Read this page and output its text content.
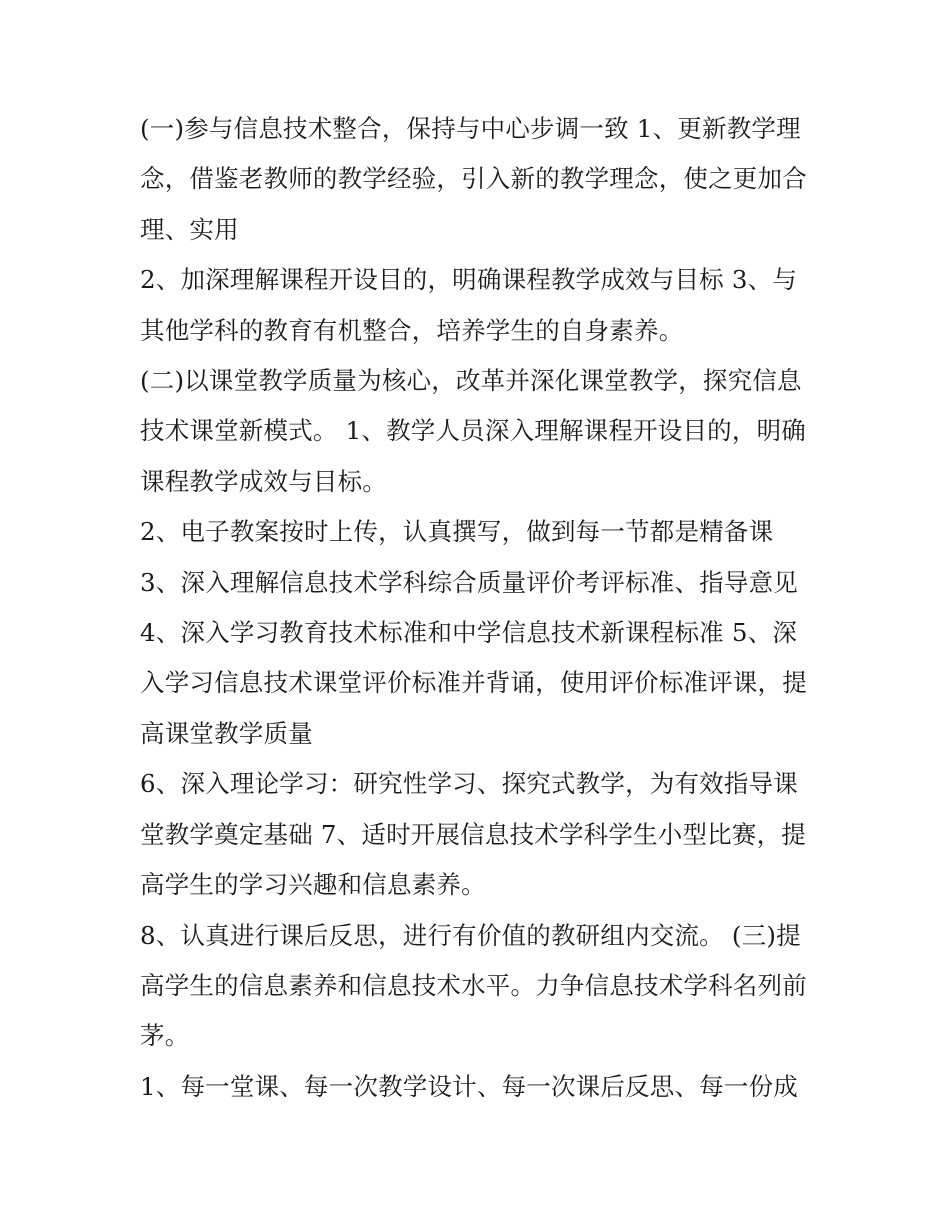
(一)参与信息技术整合，保持与中心步调一致 1、更新教学理

念，借鉴老教师的教学经验，引入新的教学理念，使之更加合

理、实用

2、加深理解课程开设目的，明确课程教学成效与目标 3、与

其他学科的教育有机整合，培养学生的自身素养。

(二)以课堂教学质量为核心，改革并深化课堂教学，探究信息

技术课堂新模式。 1、教学人员深入理解课程开设目的，明确

课程教学成效与目标。

2、电子教案按时上传，认真撰写，做到每一节都是精备课

3、深入理解信息技术学科综合质量评价考评标准、指导意见

4、深入学习教育技术标准和中学信息技术新课程标准 5、深

入学习信息技术课堂评价标准并背诵，使用评价标准评课，提

高课堂教学质量

6、深入理论学习：研究性学习、探究式教学，为有效指导课

堂教学奠定基础 7、适时开展信息技术学科学生小型比赛，提

高学生的学习兴趣和信息素养。

8、认真进行课后反思，进行有价值的教研组内交流。 (三)提

高学生的信息素养和信息技术水平。力争信息技术学科名列前

茅。

1、每一堂课、每一次教学设计、每一次课后反思、每一份成
